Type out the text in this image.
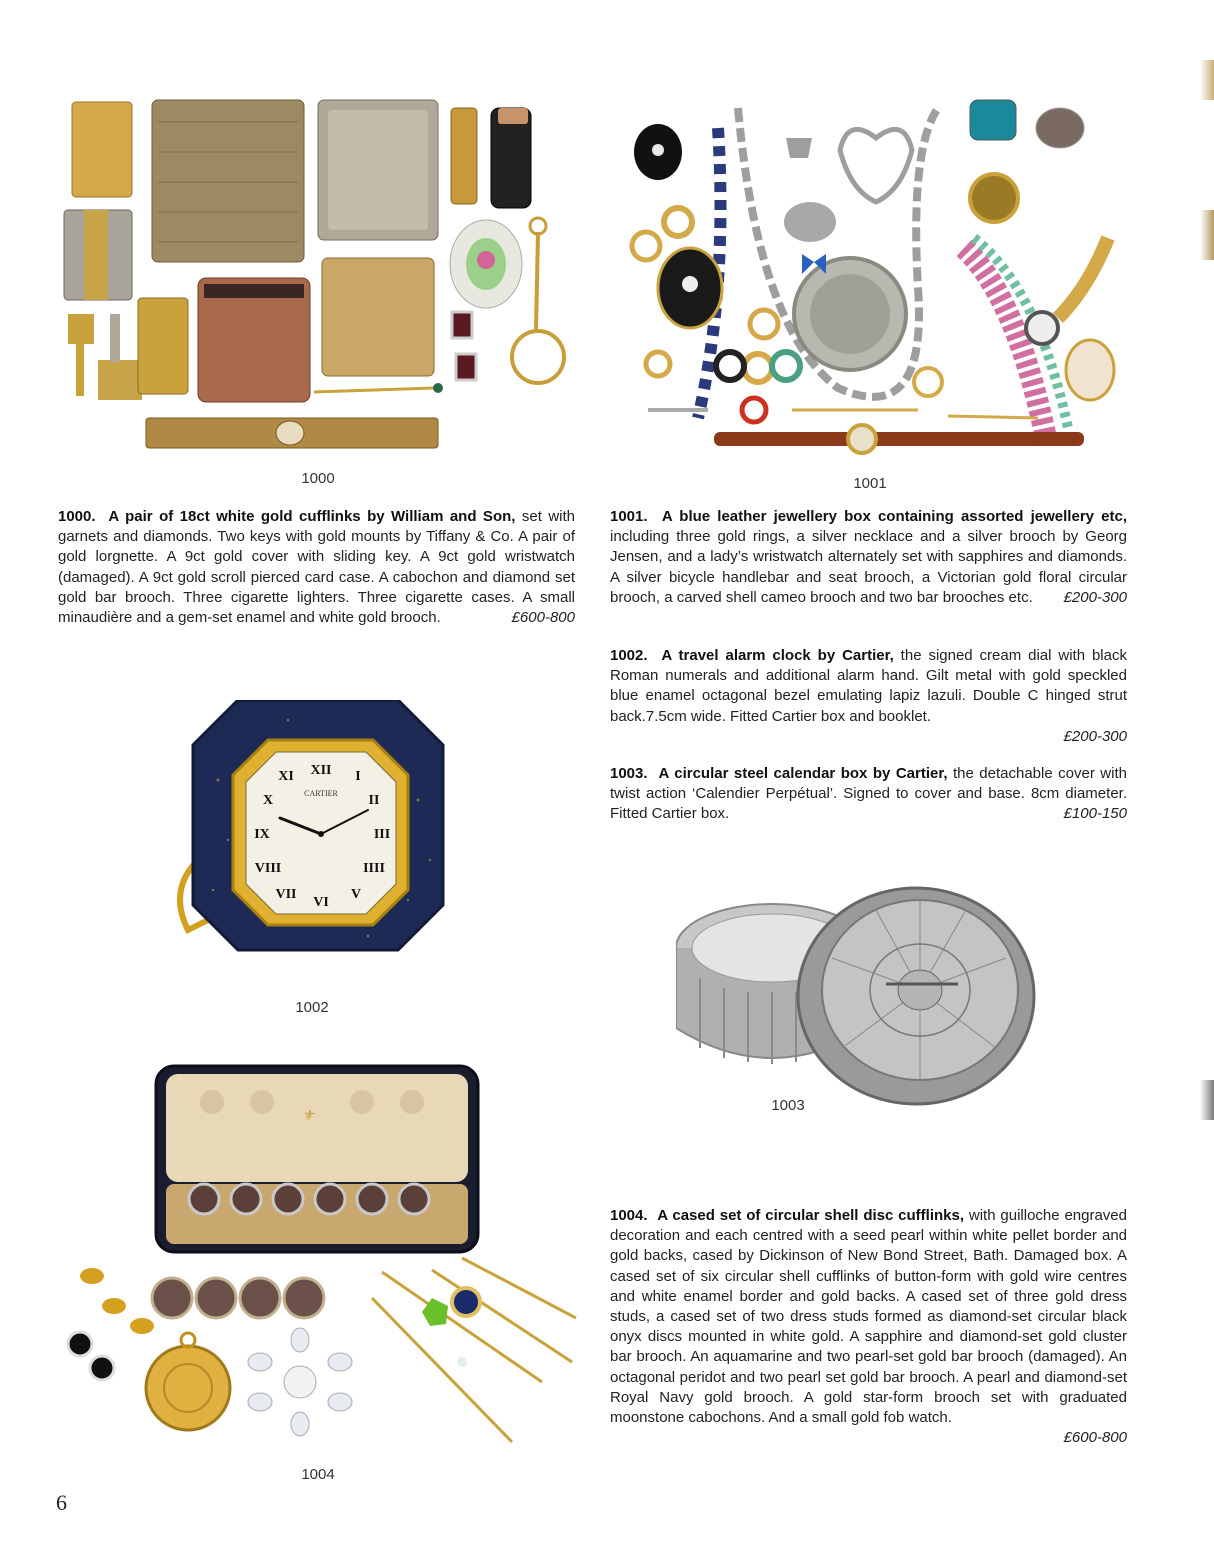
1000	1001
1000. A pair of 18ct white gold cufflinks by William and Son, set with garnets and diamonds. Two keys with gold mounts by Tiffany & Co. A pair of gold lorgnette. A 9ct gold cover with sliding key. A 9ct gold wristwatch (damaged). A 9ct gold scroll pierced card case. A cabochon and diamond set gold bar brooch. Three cigarette lighters. Three cigarette cases. A small minaudière and a gem-set enamel and white gold brooch.	£600-800
1001. A blue leather jewellery box containing assorted jewellery etc, including three gold rings, a silver necklace and a silver brooch by Georg Jensen, and a lady’s wristwatch alternately set with sapphires and diamonds. A silver bicycle handlebar and seat brooch, a Victorian gold floral circular brooch, a carved shell cameo brooch and two bar brooches etc. £200-300
1002. A travel alarm clock by Cartier, the signed cream dial with black Roman numerals and additional alarm hand. Gilt metal with gold speckled blue enamel octagonal bezel emulating lapiz lazuli. Double C hinged strut back.7.5cm wide. Fitted Cartier box and booklet.
£200-300
1003. A circular steel calendar box by Cartier, the detachable cover with twist action ‘Calendier Perpétual’. Signed to cover and base. 8cm diameter. Fitted Cartier box.	£100-150
CARTIER
XII
III
VI
IX
I
II
IIII
V
VII
VIII
X
XI
1002
1003
⚜
1004
1004. A cased set of circular shell disc cufflinks, with guilloche engraved decoration and each centred with a seed pearl within white pellet border and gold backs, cased by Dickinson of New Bond Street, Bath. Damaged box. A cased set of six circular shell cufflinks of button-form with gold wire centres and white enamel border and gold backs. A cased set of three gold dress studs, a cased set of two dress studs formed as diamond-set circular black onyx discs mounted in white gold. A sapphire and diamond-set gold cluster bar brooch. An aquamarine and two pearl-set gold bar brooch (damaged). An octagonal peridot and two pearl set gold bar brooch. A pearl and diamond-set Royal Navy gold brooch. A gold star-form brooch set with graduated moonstone cabochons. And a small gold fob watch.
£600-800
6
